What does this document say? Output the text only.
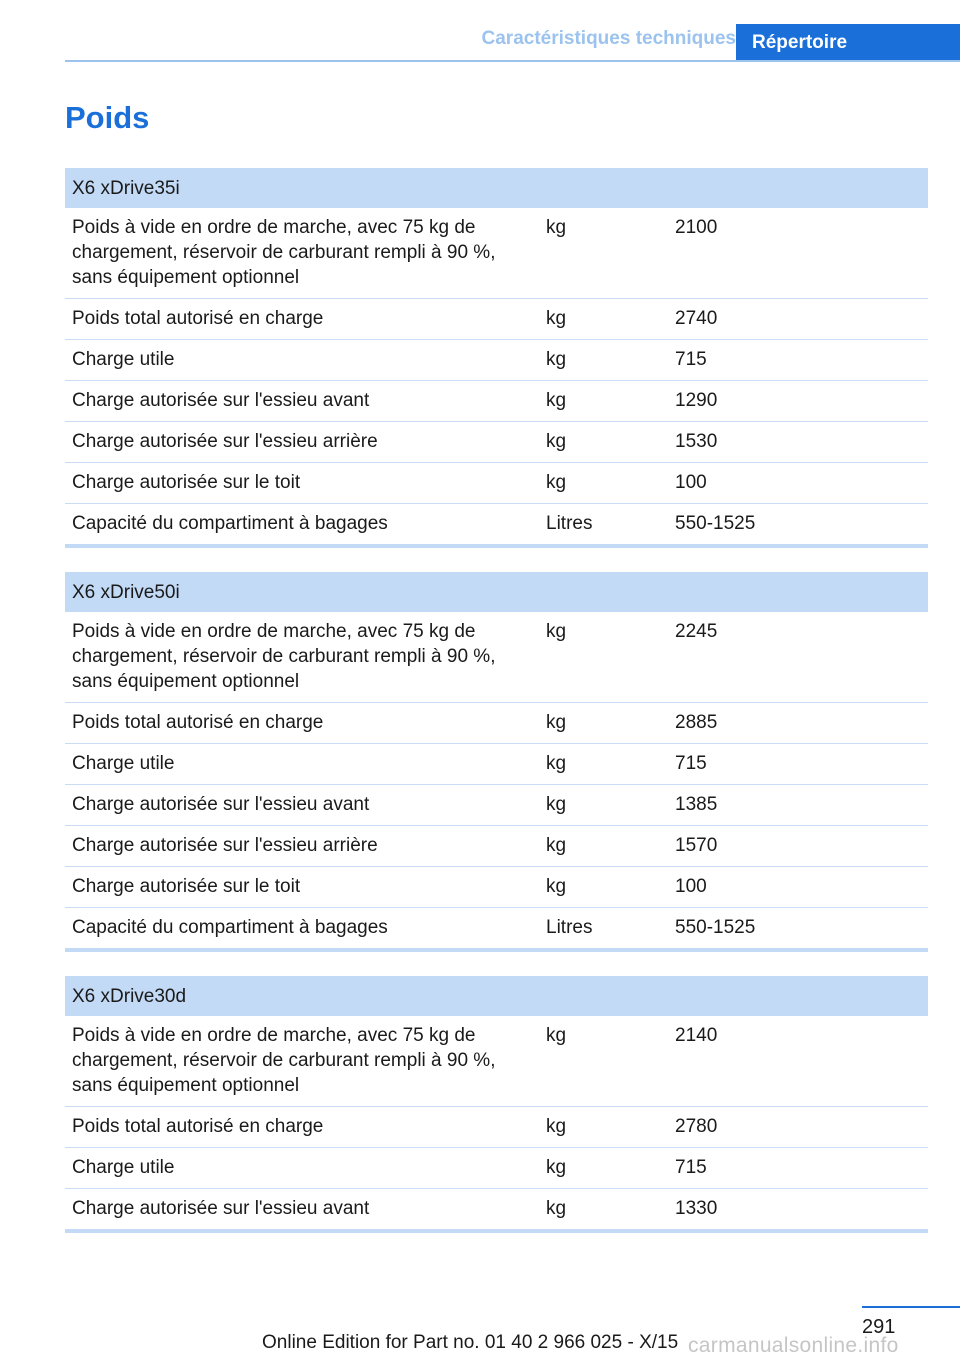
Caractéristiques techniques Répertoire
Poids
X6 xDrive35i		
Poids à vide en ordre de marche, avec 75 kg de chargement, réservoir de carburant rempli à 90 %, sans équipement optionnel	kg	2100
Poids total autorisé en charge	kg	2740
Charge utile	kg	715
Charge autorisée sur l'essieu avant	kg	1290
Charge autorisée sur l'essieu arrière	kg	1530
Charge autorisée sur le toit	kg	100
Capacité du compartiment à bagages	Litres	550-1525
X6 xDrive50i		
Poids à vide en ordre de marche, avec 75 kg de chargement, réservoir de carburant rempli à 90 %, sans équipement optionnel	kg	2245
Poids total autorisé en charge	kg	2885
Charge utile	kg	715
Charge autorisée sur l'essieu avant	kg	1385
Charge autorisée sur l'essieu arrière	kg	1570
Charge autorisée sur le toit	kg	100
Capacité du compartiment à bagages	Litres	550-1525
X6 xDrive30d		
Poids à vide en ordre de marche, avec 75 kg de chargement, réservoir de carburant rempli à 90 %, sans équipement optionnel	kg	2140
Poids total autorisé en charge	kg	2780
Charge utile	kg	715
Charge autorisée sur l'essieu avant	kg	1330
291
Online Edition for Part no. 01 40 2 966 025 - X/15 carmanualsonline.info
